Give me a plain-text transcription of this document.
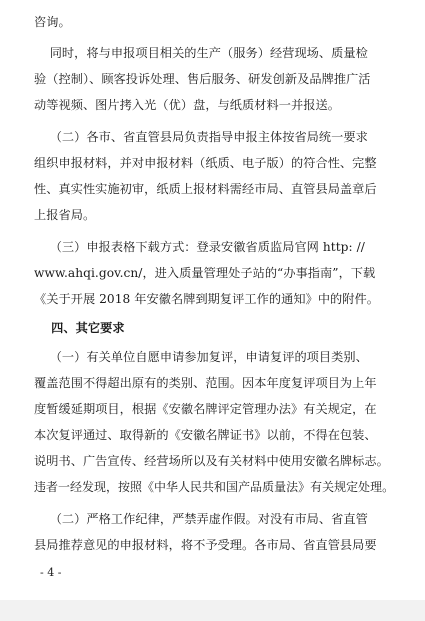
咨询。
同时，将与申报项目相关的生产（服务）经营现场、质量检
验（控制）、顾客投诉处理、售后服务、研发创新及品牌推广活
动等视频、图片拷入光（优）盘，与纸质材料一并报送。
（二）各市、省直管县局负责指导申报主体按省局统一要求
组织申报材料，并对申报材料（纸质、电子版）的符合性、完整
性、真实性实施初审，纸质上报材料需经市局、直管县局盖章后
上报省局。
（三）申报表格下载方式：登录安徽省质监局官网 http: //
www.ahqi.gov.cn/，进入质量管理处子站的“办事指南”，下载
《关于开展 2018 年安徽名牌到期复评工作的通知》中的附件。
四、其它要求
（一）有关单位自愿申请参加复评，申请复评的项目类别、
覆盖范围不得超出原有的类别、范围。因本年度复评项目为上年
度暂缓延期项目，根据《安徽名牌评定管理办法》有关规定，在
本次复评通过、取得新的《安徽名牌证书》以前，不得在包装、
说明书、广告宣传、经营场所以及有关材料中使用安徽名牌标志。
违者一经发现，按照《中华人民共和国产品质量法》有关规定处理。
（二）严格工作纪律，严禁弄虚作假。对没有市局、省直管
县局推荐意见的申报材料，将不予受理。各市局、省直管县局要
- 4 -
